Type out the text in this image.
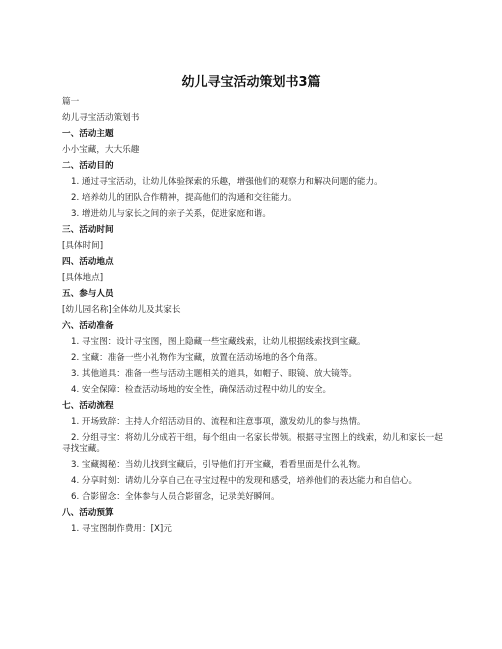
幼儿寻宝活动策划书3篇
篇一
幼儿寻宝活动策划书
一、活动主题
小小宝藏，大大乐趣
二、活动目的
1. 通过寻宝活动，让幼儿体验探索的乐趣，增强他们的观察力和解决问题的能力。
2. 培养幼儿的团队合作精神，提高他们的沟通和交往能力。
3. 增进幼儿与家长之间的亲子关系，促进家庭和谐。
三、活动时间
[具体时间]
四、活动地点
[具体地点]
五、参与人员
[幼儿园名称]全体幼儿及其家长
六、活动准备
1. 寻宝图：设计寻宝图，图上隐藏一些宝藏线索，让幼儿根据线索找到宝藏。
2. 宝藏：准备一些小礼物作为宝藏，放置在活动场地的各个角落。
3. 其他道具：准备一些与活动主题相关的道具，如帽子、眼镜、放大镜等。
4. 安全保障：检查活动场地的安全性，确保活动过程中幼儿的安全。
七、活动流程
1. 开场致辞：主持人介绍活动目的、流程和注意事项，激发幼儿的参与热情。
2. 分组寻宝：将幼儿分成若干组，每个组由一名家长带领。根据寻宝图上的线索，幼儿和家长一起寻找宝藏。
3. 宝藏揭秘：当幼儿找到宝藏后，引导他们打开宝藏，看看里面是什么礼物。
4. 分享时刻：请幼儿分享自己在寻宝过程中的发现和感受，培养他们的表达能力和自信心。
6. 合影留念：全体参与人员合影留念，记录美好瞬间。
八、活动预算
1. 寻宝图制作费用：[X]元
